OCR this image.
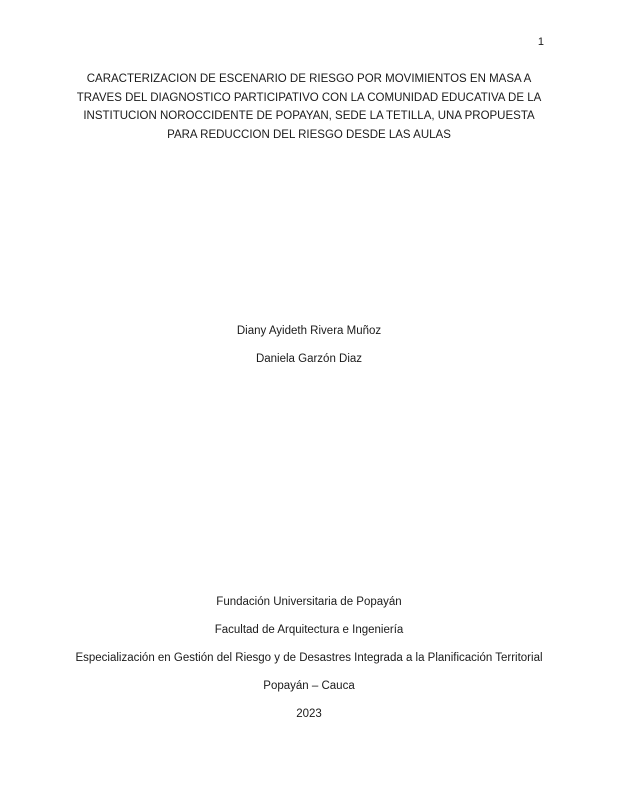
1
CARACTERIZACION DE ESCENARIO DE RIESGO POR MOVIMIENTOS EN MASA A
TRAVES DEL DIAGNOSTICO PARTICIPATIVO CON LA COMUNIDAD EDUCATIVA DE LA
INSTITUCION NOROCCIDENTE DE POPAYAN, SEDE LA TETILLA, UNA PROPUESTA
PARA REDUCCION DEL RIESGO DESDE LAS AULAS
Diany Ayideth Rivera Muñoz
Daniela Garzón Diaz
Fundación Universitaria de Popayán
Facultad de Arquitectura e Ingeniería
Especialización en Gestión del Riesgo y de Desastres Integrada a la Planificación Territorial
Popayán – Cauca
2023
